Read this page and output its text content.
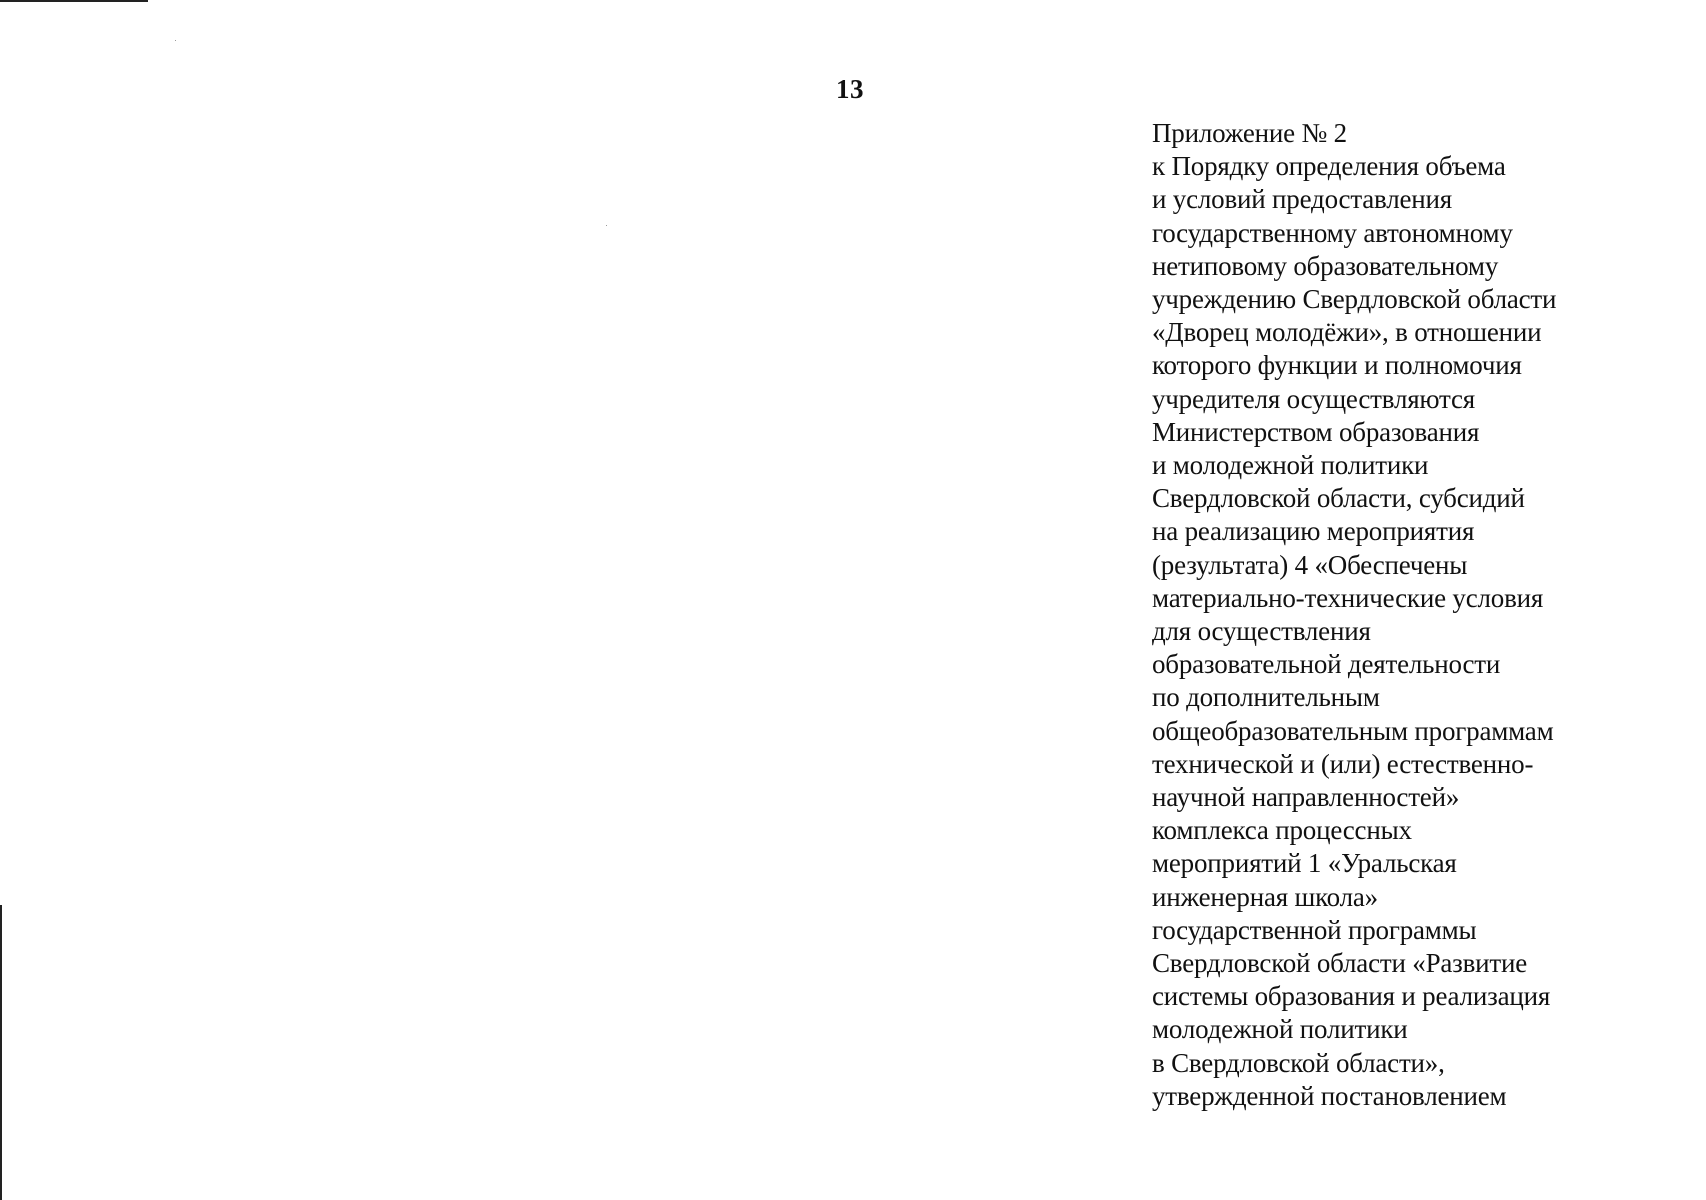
13
Приложение № 2
к Порядку определения объема
и условий предоставления
государственному автономному
нетиповому образовательному
учреждению Свердловской области
«Дворец молодёжи», в отношении
которого функции и полномочия
учредителя осуществляются
Министерством образования
и молодежной политики
Свердловской области, субсидий
на реализацию мероприятия
(результата) 4 «Обеспечены
материально-технические условия
для осуществления
образовательной деятельности
по дополнительным
общеобразовательным программам
технической и (или) естественно-
научной направленностей»
комплекса процессных
мероприятий 1 «Уральская
инженерная школа»
государственной программы
Свердловской области «Развитие
системы образования и реализация
молодежной политики
в Свердловской области»,
утвержденной постановлением
